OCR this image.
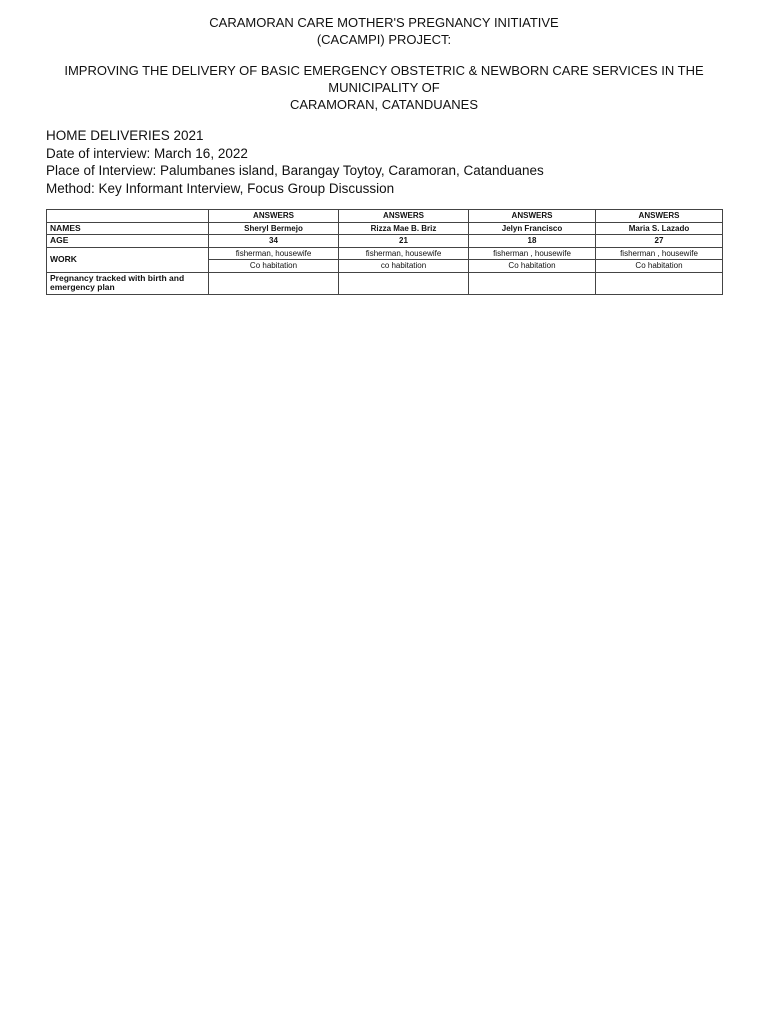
CARAMORAN CARE MOTHER'S PREGNANCY INITIATIVE
(CACAMPI) PROJECT:
IMPROVING THE DELIVERY OF BASIC EMERGENCY OBSTETRIC & NEWBORN CARE SERVICES IN THE MUNICIPALITY OF
CARAMORAN, CATANDUANES
HOME DELIVERIES 2021
Date of interview: March 16, 2022
Place of Interview: Palumbanes island, Barangay Toytoy, Caramoran, Catanduanes
Method: Key Informant Interview, Focus Group Discussion
	ANSWERS	ANSWERS	ANSWERS	ANSWERS
NAMES	Sheryl Bermejo	Rizza Mae B. Briz	Jelyn Francisco	Maria S. Lazado
AGE	34	21	18	27
WORK	fisherman, housewife	fisherman, housewife	fisherman , housewife	fisherman , housewife
	Co habitation	co habitation	Co habitation	Co habitation
Pregnancy tracked with birth and emergency plan				
